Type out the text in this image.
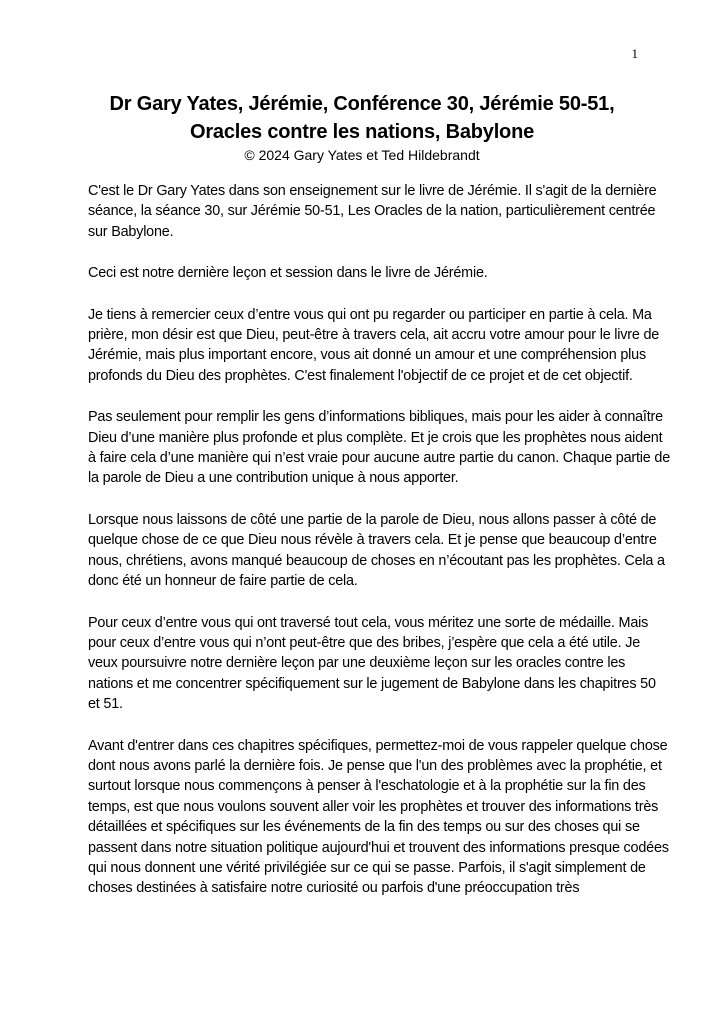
1
Dr Gary Yates, Jérémie, Conférence 30, Jérémie 50-51,
Oracles contre les nations, Babylone

© 2024 Gary Yates et Ted Hildebrandt

C'est le Dr Gary Yates dans son enseignement sur le livre de Jérémie. Il s'agit de la dernière séance, la séance 30, sur Jérémie 50-51, Les Oracles de la nation, particulièrement centrée sur Babylone.

Ceci est notre dernière leçon et session dans le livre de Jérémie.

Je tiens à remercier ceux d’entre vous qui ont pu regarder ou participer en partie à cela. Ma prière, mon désir est que Dieu, peut-être à travers cela, ait accru votre amour pour le livre de Jérémie, mais plus important encore, vous ait donné un amour et une compréhension plus profonds du Dieu des prophètes. C'est finalement l'objectif de ce projet et de cet objectif.

Pas seulement pour remplir les gens d’informations bibliques, mais pour les aider à connaître Dieu d’une manière plus profonde et plus complète. Et je crois que les prophètes nous aident à faire cela d’une manière qui n’est vraie pour aucune autre partie du canon. Chaque partie de la parole de Dieu a une contribution unique à nous apporter.

Lorsque nous laissons de côté une partie de la parole de Dieu, nous allons passer à côté de quelque chose de ce que Dieu nous révèle à travers cela. Et je pense que beaucoup d’entre nous, chrétiens, avons manqué beaucoup de choses en n’écoutant pas les prophètes. Cela a donc été un honneur de faire partie de cela.

Pour ceux d’entre vous qui ont traversé tout cela, vous méritez une sorte de médaille. Mais pour ceux d’entre vous qui n’ont peut-être que des bribes, j’espère que cela a été utile. Je veux poursuivre notre dernière leçon par une deuxième leçon sur les oracles contre les nations et me concentrer spécifiquement sur le jugement de Babylone dans les chapitres 50 et 51.

Avant d'entrer dans ces chapitres spécifiques, permettez-moi de vous rappeler quelque chose dont nous avons parlé la dernière fois. Je pense que l'un des problèmes avec la prophétie, et surtout lorsque nous commençons à penser à l'eschatologie et à la prophétie sur la fin des temps, est que nous voulons souvent aller voir les prophètes et trouver des informations très détaillées et spécifiques sur les événements de la fin des temps ou sur des choses qui se passent dans notre situation politique aujourd'hui et trouvent des informations presque codées qui nous donnent une vérité privilégiée sur ce qui se passe. Parfois, il s'agit simplement de choses destinées à satisfaire notre curiosité ou parfois d'une préoccupation très
